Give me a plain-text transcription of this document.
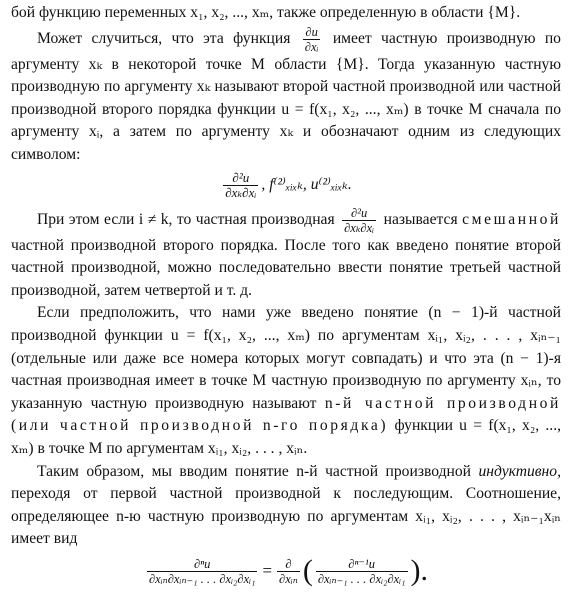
бой функцию переменных x₁, x₂, ..., xₘ, также определенную в области {M}.

Может случиться, что эта функция $\frac{\partial u}{\text{∂xᵢ}}$ имеет частную производную по аргументу xₖ в некоторой точке M области {M}. Тогда указанную частную производную по аргументу xₖ называют второй частной производной или частной производной второго порядка функции u = f(x₁, x₂, ..., xₘ) в точке M сначала по аргументу xᵢ, а затем по аргументу xₖ и обозначают одним из следующих символом:

$\frac{\text{∂²u}}{\text{∂xₖ∂xᵢ}}$ , f⁽²⁾ₓᵢₓₖ, u⁽²⁾ₓᵢₓₖ.

При этом если i ≠ k, то частная производная $\frac{\text{∂²u}}{\text{∂xₖ∂xᵢ}}$ называется смешанной частной производной второго порядка. После того как введено понятие второй частной производной, можно последовательно ввести понятие третьей частной производной, затем четвертой и т. д.

Если предположить, что нами уже введено понятие (n − 1)-й частной производной функции u = f(x₁, x₂, ..., xₘ) по аргументам xᵢ₁, xᵢ₂, . . . , xᵢₙ₋₁ (отдельные или даже все номера которых могут совпадать) и что эта (n − 1)-я частная производная имеет в точке M частную производную по аргументу xᵢₙ, то указанную частную производную называют n-й частной производной (или частной производной n-го порядка) функции u = f(x₁, x₂, ..., xₘ) в точке M по аргументам xᵢ₁, xᵢ₂, . . . , xᵢₙ.

Таким образом, мы вводим понятие n-й частной производной индуктивно, переходя от первой частной производной к последующим. Соотношение, определяющее n-ю частную производную по аргументам xᵢ₁, xᵢ₂, . . . , xᵢₙ₋₁xᵢₙ имеет вид

$\frac{\text{∂ⁿu}}{\text{∂xᵢₙ∂xᵢₙ₋₁ . . . ∂xᵢ₂∂xᵢ₁}} = \frac{\partial}{\text{∂xᵢₙ}}$ ( $\frac{\text{∂ⁿ⁻¹u}}{\text{∂xᵢₙ₋₁ . . . ∂xᵢ₂∂xᵢ₁}}$ ).
